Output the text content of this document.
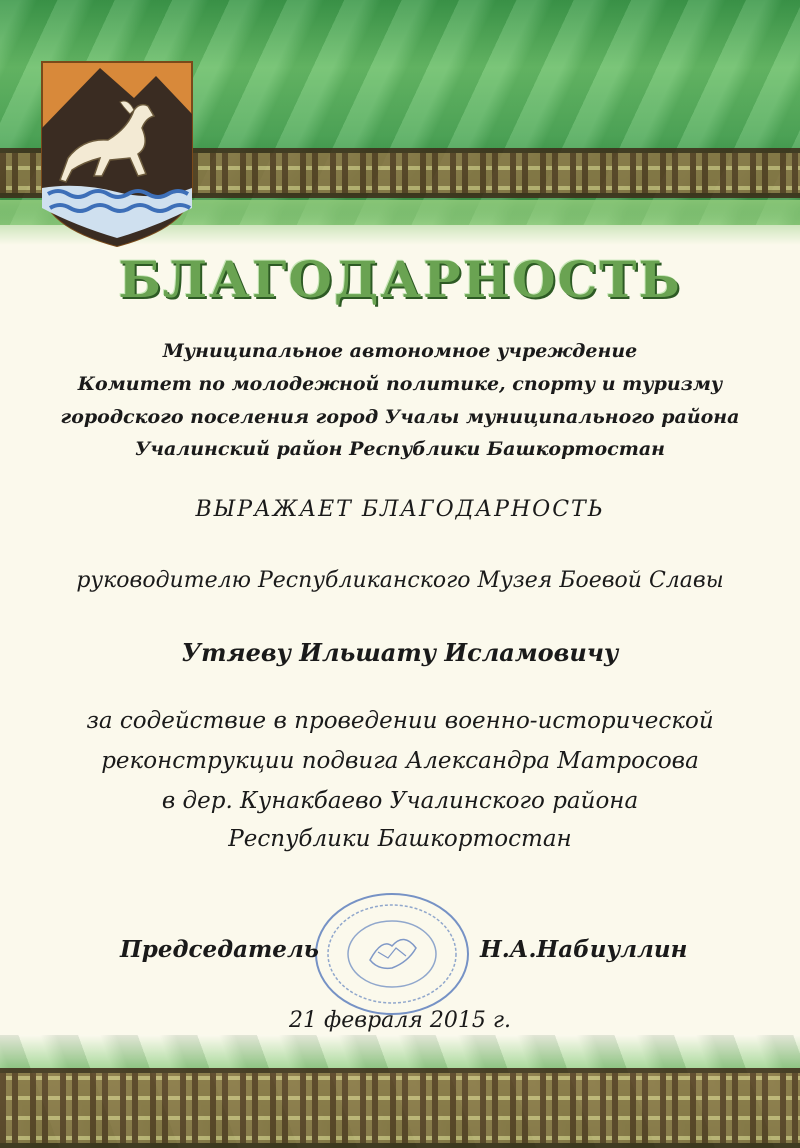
БЛАГОДАРНОСТЬ

Муниципальное автономное учреждение

Комитет по молодежной политике, спорту и туризму

городского поселения город Учалы муниципального района

Учалинский район Республики Башкортостан

ВЫРАЖАЕТ БЛАГОДАРНОСТЬ

руководителю Республиканского Музея Боевой Славы

Утяеву Ильшату Исламовичу

за содействие в проведении военно-исторической

реконструкции подвига Александра Матросова

в дер. Кунакбаево Учалинского района

Республики Башкортостан

Председатель	Н.А.Набиуллин

21 февраля 2015 г.
